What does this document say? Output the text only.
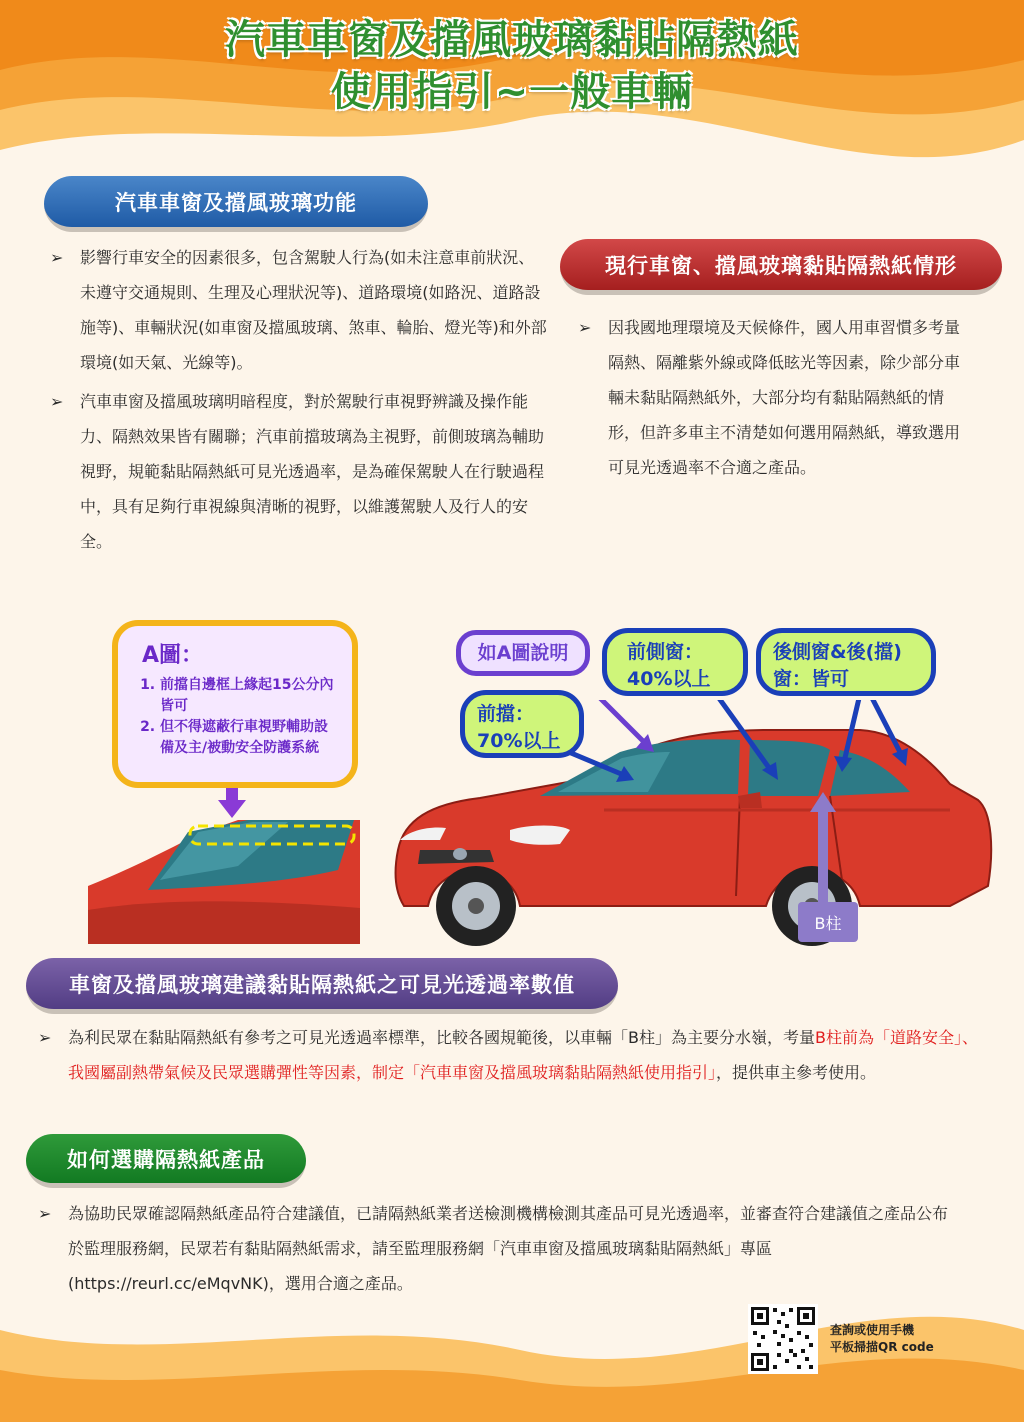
汽車車窗及擋風玻璃黏貼隔熱紙
使用指引~一般車輛
汽車車窗及擋風玻璃功能
➢ 影響行車安全的因素很多，包含駕駛人行為(如未注意車前狀況、未遵守交通規則、生理及心理狀況等)、道路環境(如路況、道路設施等)、車輛狀況(如車窗及擋風玻璃、煞車、輪胎、燈光等)和外部環境(如天氣、光線等)。
➢ 汽車車窗及擋風玻璃明暗程度，對於駕駛行車視野辨識及操作能力、隔熱效果皆有關聯；汽車前擋玻璃為主視野，前側玻璃為輔助視野，規範黏貼隔熱紙可見光透過率，是為確保駕駛人在行駛過程中，具有足夠行車視線與清晰的視野，以維護駕駛人及行人的安全。
現行車窗、擋風玻璃黏貼隔熱紙情形
➢ 因我國地理環境及天候條件，國人用車習慣多考量隔熱、隔離紫外線或降低眩光等因素，除少部分車輛未黏貼隔熱紙外，大部分均有黏貼隔熱紙的情形，但許多車主不清楚如何選用隔熱紙，導致選用可見光透過率不合適之產品。
A圖：
1. 前擋自邊框上緣起15公分內皆可
2. 但不得遮蔽行車視野輔助設備及主/被動安全防護系統
如A圖說明
前擋：
70%以上
前側窗：
40%以上
後側窗&後(擋)
窗：皆可
B柱
車窗及擋風玻璃建議黏貼隔熱紙之可見光透過率數值
➢ 為利民眾在黏貼隔熱紙有參考之可見光透過率標準，比較各國規範後，以車輛「B柱」為主要分水嶺，考量B柱前為「道路安全」、我國屬副熱帶氣候及民眾選購彈性等因素，制定「汽車車窗及擋風玻璃黏貼隔熱紙使用指引」，提供車主參考使用。
如何選購隔熱紙產品
➢ 為協助民眾確認隔熱紙產品符合建議值，已請隔熱紙業者送檢測機構檢測其產品可見光透過率，並審查符合建議值之產品公布於監理服務網，民眾若有黏貼隔熱紙需求，請至監理服務網「汽車車窗及擋風玻璃黏貼隔熱紙」專區(https://reurl.cc/eMqvNK)，選用合適之產品。
查詢或使用手機
平板掃描QR code
